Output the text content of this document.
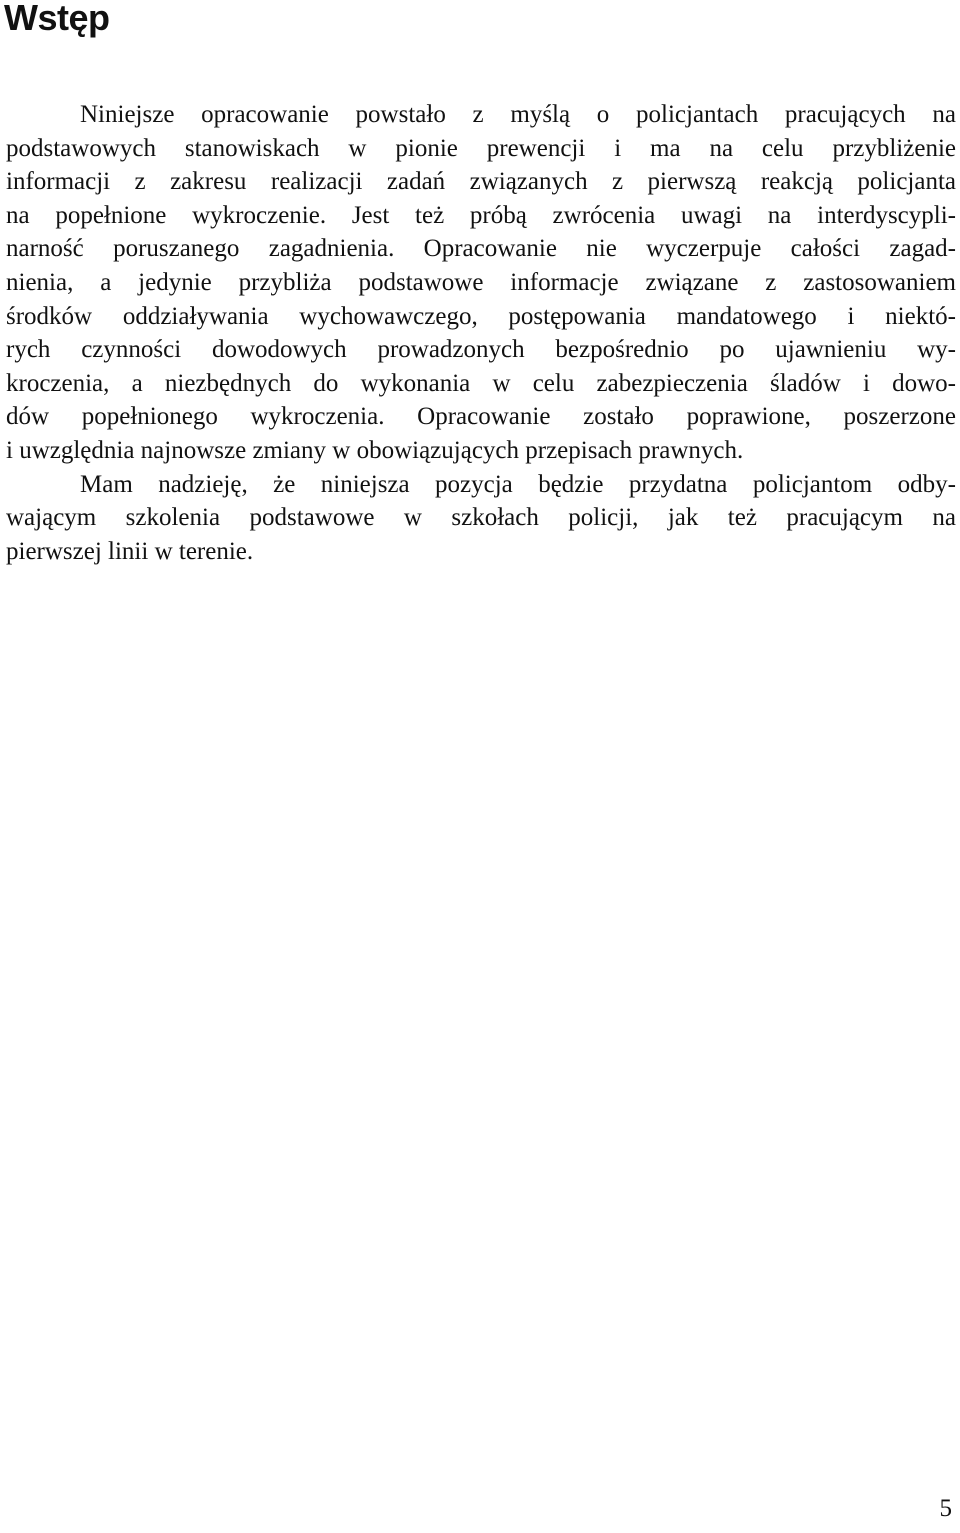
Wstęp
Niniejsze opracowanie powstało z myślą o policjantach pracujących na
podstawowych stanowiskach w pionie prewencji i ma na celu przybliżenie
informacji z zakresu realizacji zadań związanych z pierwszą reakcją policjanta
na popełnione wykroczenie. Jest też próbą zwrócenia uwagi na interdyscypli-
narność poruszanego zagadnienia. Opracowanie nie wyczerpuje całości zagad-
nienia, a jedynie przybliża podstawowe informacje związane z zastosowaniem
środków oddziaływania wychowawczego, postępowania mandatowego i niektó-
rych czynności dowodowych prowadzonych bezpośrednio po ujawnieniu wy-
kroczenia, a niezbędnych do wykonania w celu zabezpieczenia śladów i dowo-
dów popełnionego wykroczenia. Opracowanie zostało poprawione, poszerzone
i uwzględnia najnowsze zmiany w obowiązujących przepisach prawnych.
Mam nadzieję, że niniejsza pozycja będzie przydatna policjantom odby-
wającym szkolenia podstawowe w szkołach policji, jak też pracującym na
pierwszej linii w terenie.
5
